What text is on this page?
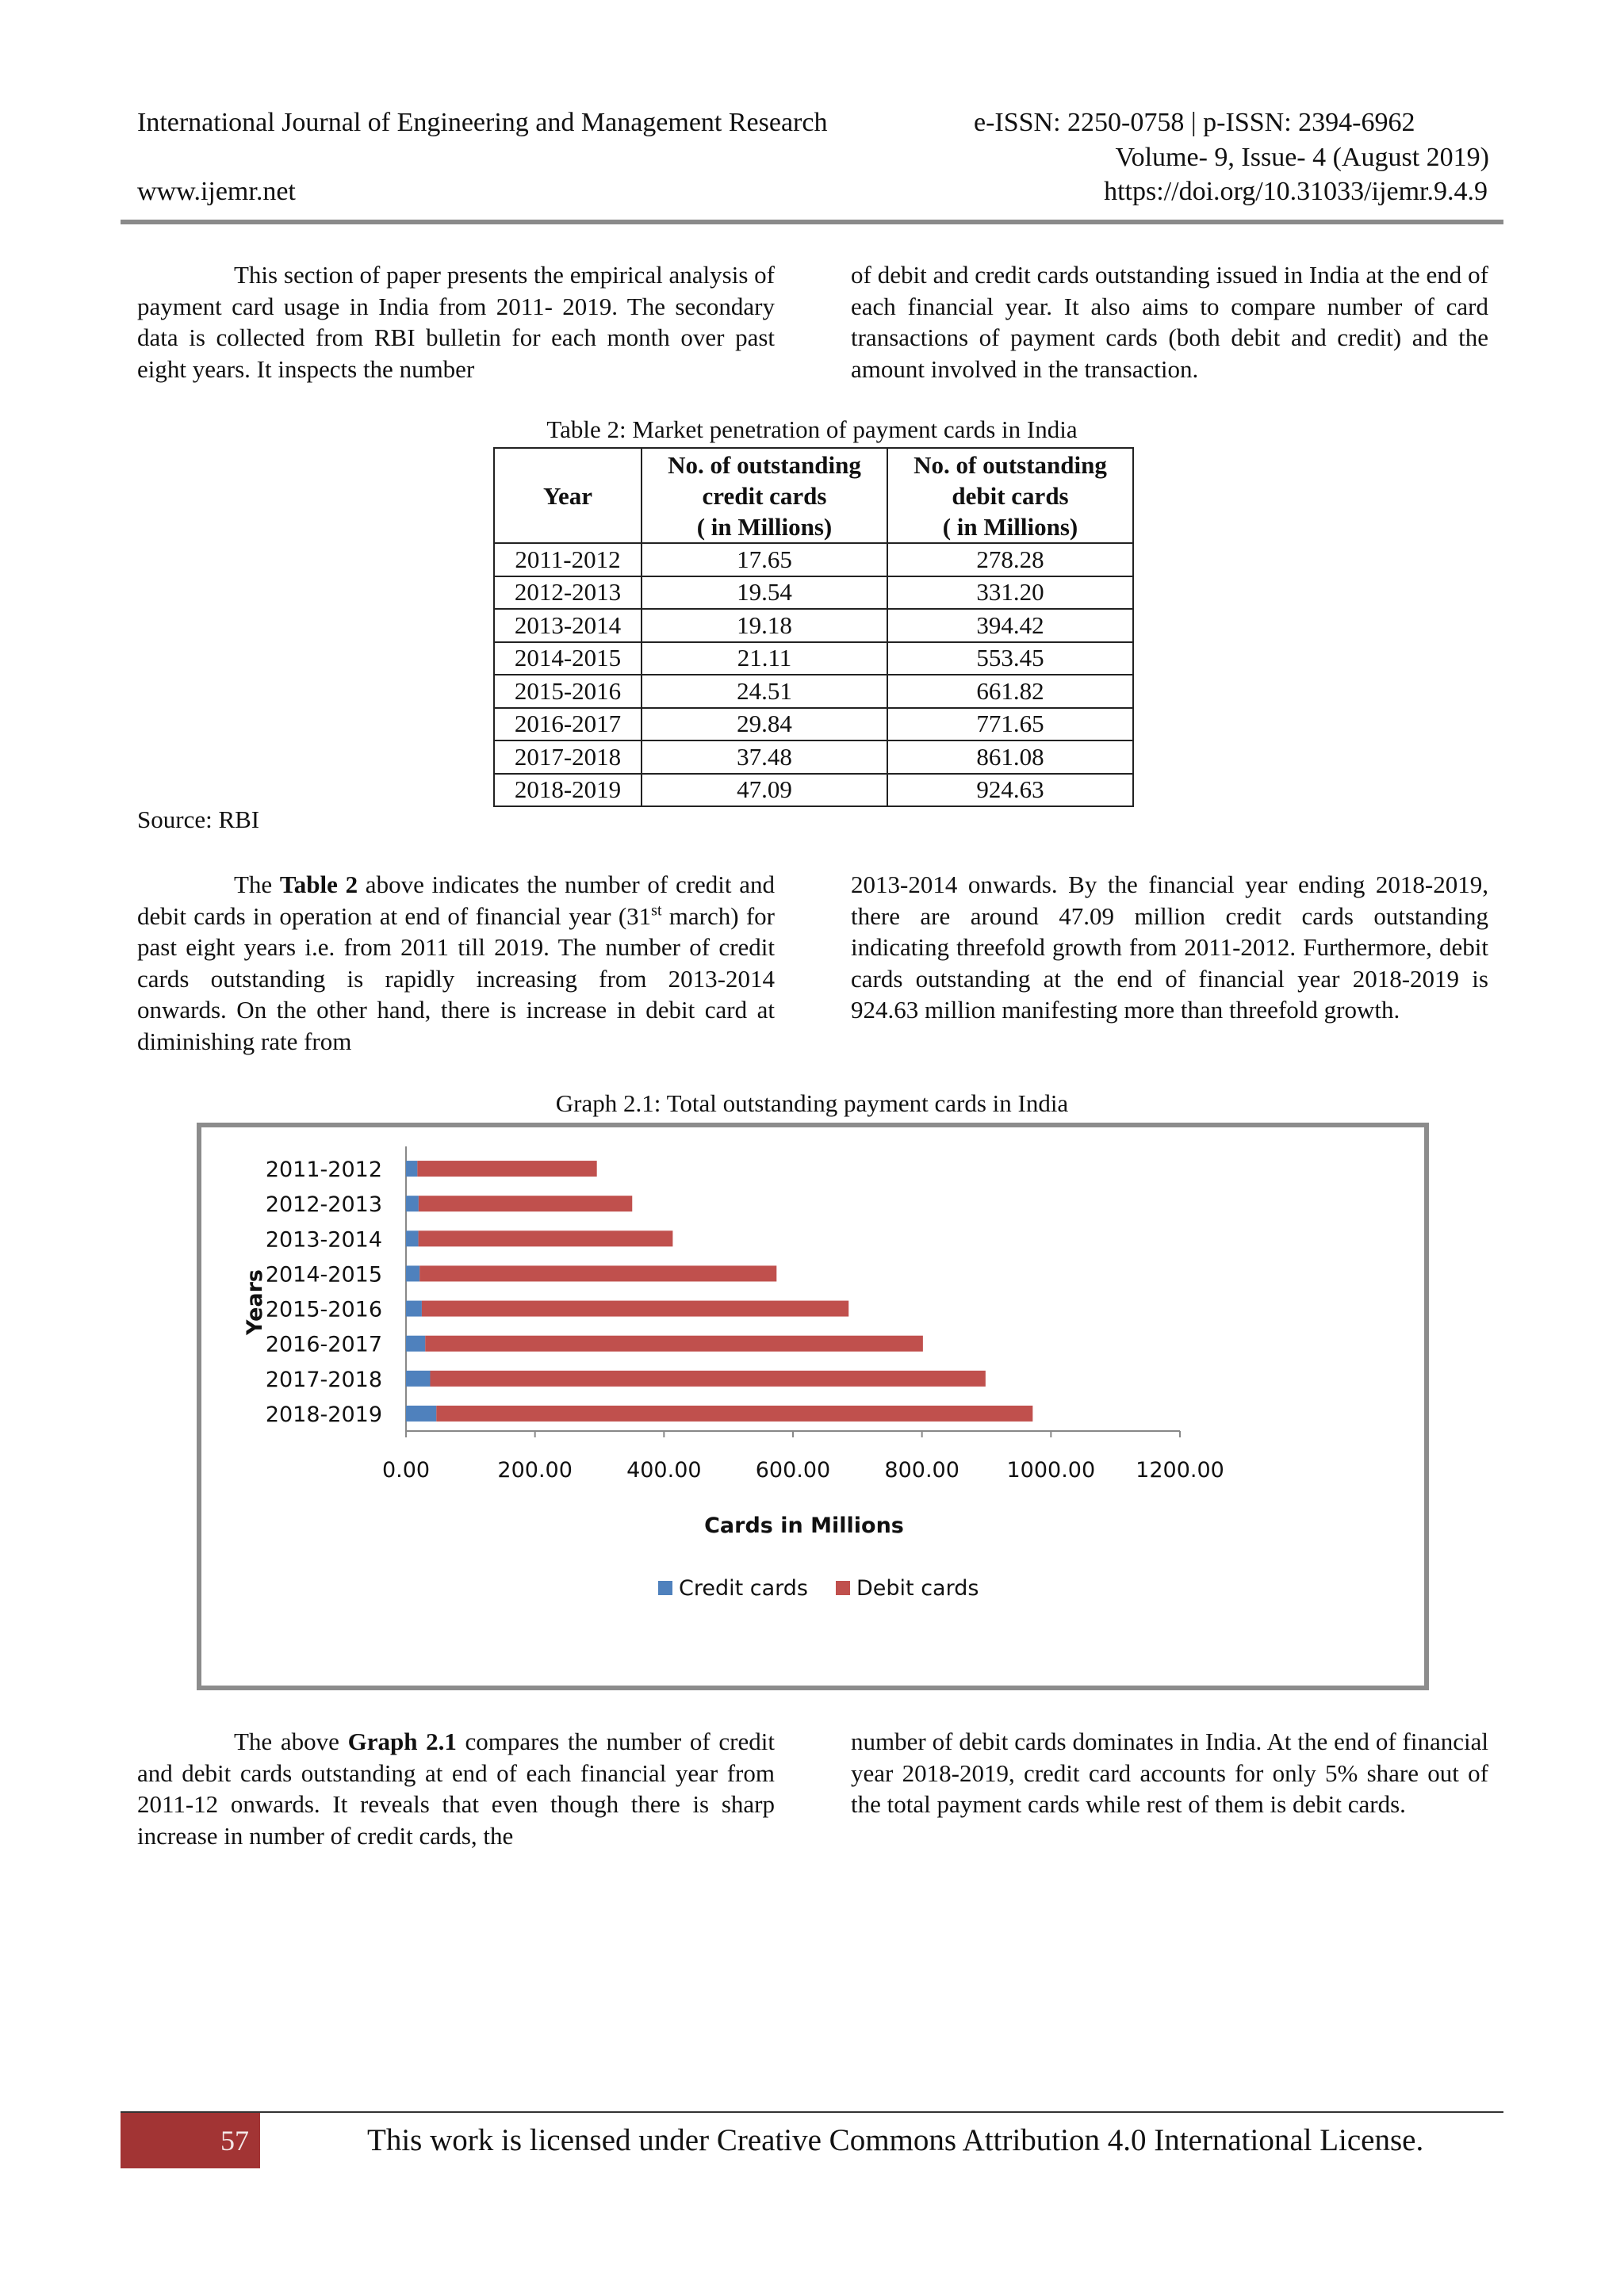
International Journal of Engineering and Management Research	e-ISSN: 2250-0758 | p-ISSN: 2394-6962
Volume- 9, Issue- 4 (August 2019)
www.ijemr.net	https://doi.org/10.31033/ijemr.9.4.9

This section of paper presents the empirical analysis of payment card usage in India from 2011- 2019. The secondary data is collected from RBI bulletin for each month over past eight years. It inspects the number

of debit and credit cards outstanding issued in India at the end of each financial year. It also aims to compare number of card transactions of payment cards (both debit and credit) and the amount involved in the transaction.

Table 2: Market penetration of payment cards in India
Year	No. of outstanding
credit cards
( in Millions)	No. of outstanding
debit cards
( in Millions)
2011-2012	17.65	278.28
2012-2013	19.54	331.20
2013-2014	19.18	394.42
2014-2015	21.11	553.45
2015-2016	24.51	661.82
2016-2017	29.84	771.65
2017-2018	37.48	861.08
2018-2019	47.09	924.63
Source: RBI

The Table 2 above indicates the number of credit and debit cards in operation at end of financial year (31st march) for past eight years i.e. from 2011 till 2019. The number of credit cards outstanding is rapidly increasing from 2013-2014 onwards. On the other hand, there is increase in debit card at diminishing rate from

2013-2014 onwards. By the financial year ending 2018-2019, there are around 47.09 million credit cards outstanding indicating threefold growth from 2011-2012. Furthermore, debit cards outstanding at the end of financial year 2018-2019 is 924.63 million manifesting more than threefold growth.

Graph 2.1: Total outstanding payment cards in India
0.00	200.00	400.00	600.00	800.00 1000.00 1200.00
2011-2012
2012-2013
2013-2014
2014-2015
2015-2016
2016-2017
2017-2018
2018-2019
Cards in Millions
Years
Credit cards Debit cards

The above Graph 2.1 compares the number of credit and debit cards outstanding at end of each financial year from 2011-12 onwards. It reveals that even though there is sharp increase in number of credit cards, the

number of debit cards dominates in India. At the end of financial year 2018-2019, credit card accounts for only 5% share out of the total payment cards while rest of them is debit cards.

57	This work is licensed under Creative Commons Attribution 4.0 International License.
